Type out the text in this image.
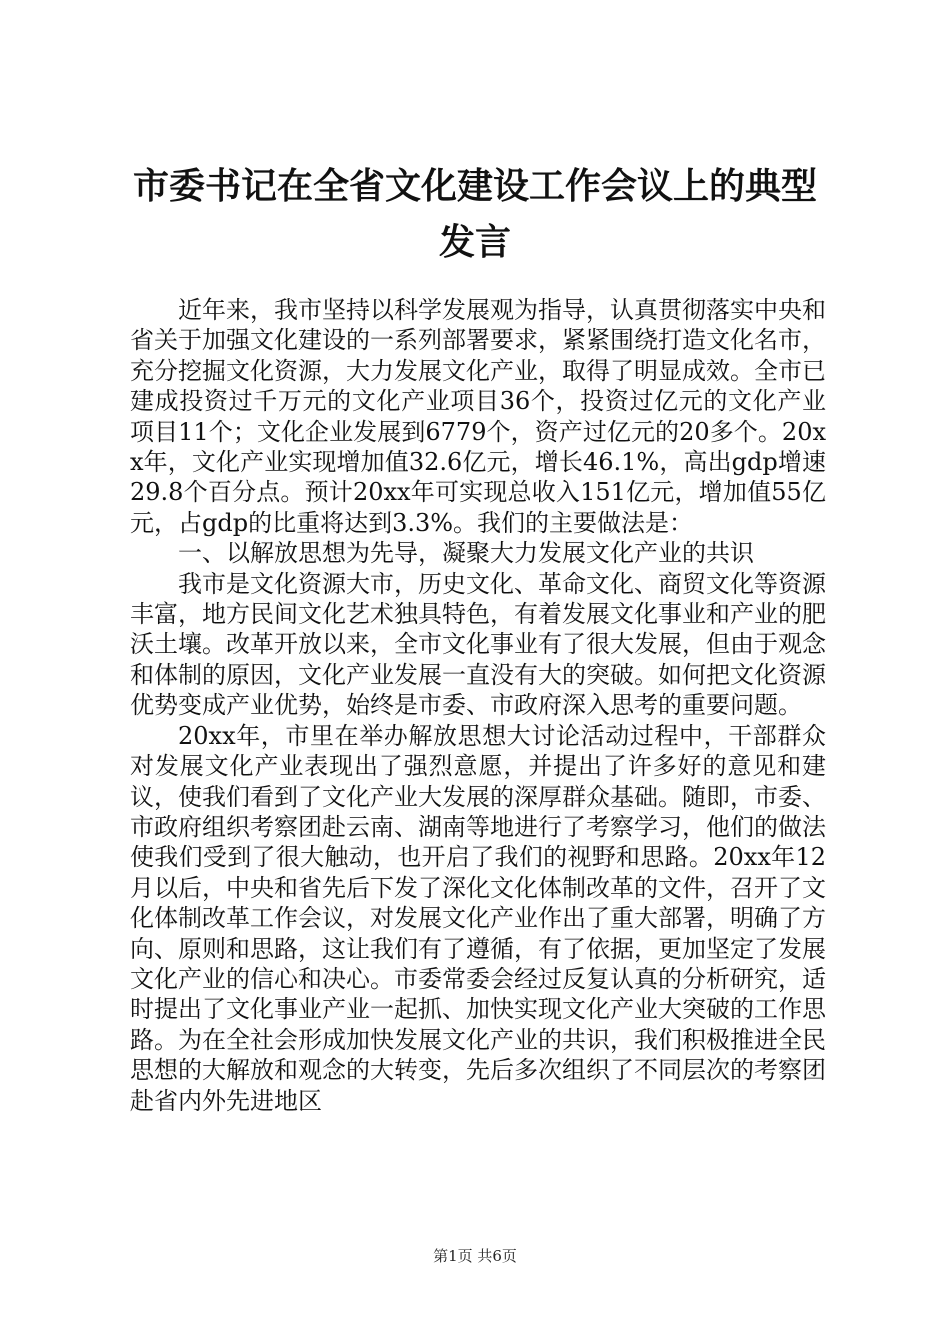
市委书记在全省文化建设工作会议上的典型发言

近年来，我市坚持以科学发展观为指导，认真贯彻落实中央和省关于加强文化建设的一系列部署要求，紧紧围绕打造文化名市，充分挖掘文化资源，大力发展文化产业，取得了明显成效。全市已建成投资过千万元的文化产业项目36个，投资过亿元的文化产业项目11个；文化企业发展到6779个，资产过亿元的20多个。20xx年，文化产业实现增加值32.6亿元，增长46.1%，高出gdp增速29.8个百分点。预计20xx年可实现总收入151亿元，增加值55亿元，占gdp的比重将达到3.3%。我们的主要做法是：

一、以解放思想为先导，凝聚大力发展文化产业的共识

我市是文化资源大市，历史文化、革命文化、商贸文化等资源丰富，地方民间文化艺术独具特色，有着发展文化事业和产业的肥沃土壤。改革开放以来，全市文化事业有了很大发展，但由于观念和体制的原因，文化产业发展一直没有大的突破。如何把文化资源优势变成产业优势，始终是市委、市政府深入思考的重要问题。

20xx年，市里在举办解放思想大讨论活动过程中，干部群众对发展文化产业表现出了强烈意愿，并提出了许多好的意见和建议，使我们看到了文化产业大发展的深厚群众基础。随即，市委、市政府组织考察团赴云南、湖南等地进行了考察学习，他们的做法使我们受到了很大触动，也开启了我们的视野和思路。20xx年12月以后，中央和省先后下发了深化文化体制改革的文件，召开了文化体制改革工作会议，对发展文化产业作出了重大部署，明确了方向、原则和思路，这让我们有了遵循，有了依据，更加坚定了发展文化产业的信心和决心。市委常委会经过反复认真的分析研究，适时提出了文化事业产业一起抓、加快实现文化产业大突破的工作思路。为在全社会形成加快发展文化产业的共识，我们积极推进全民思想的大解放和观念的大转变，先后多次组织了不同层次的考察团赴省内外先进地区

第1页 共6页
